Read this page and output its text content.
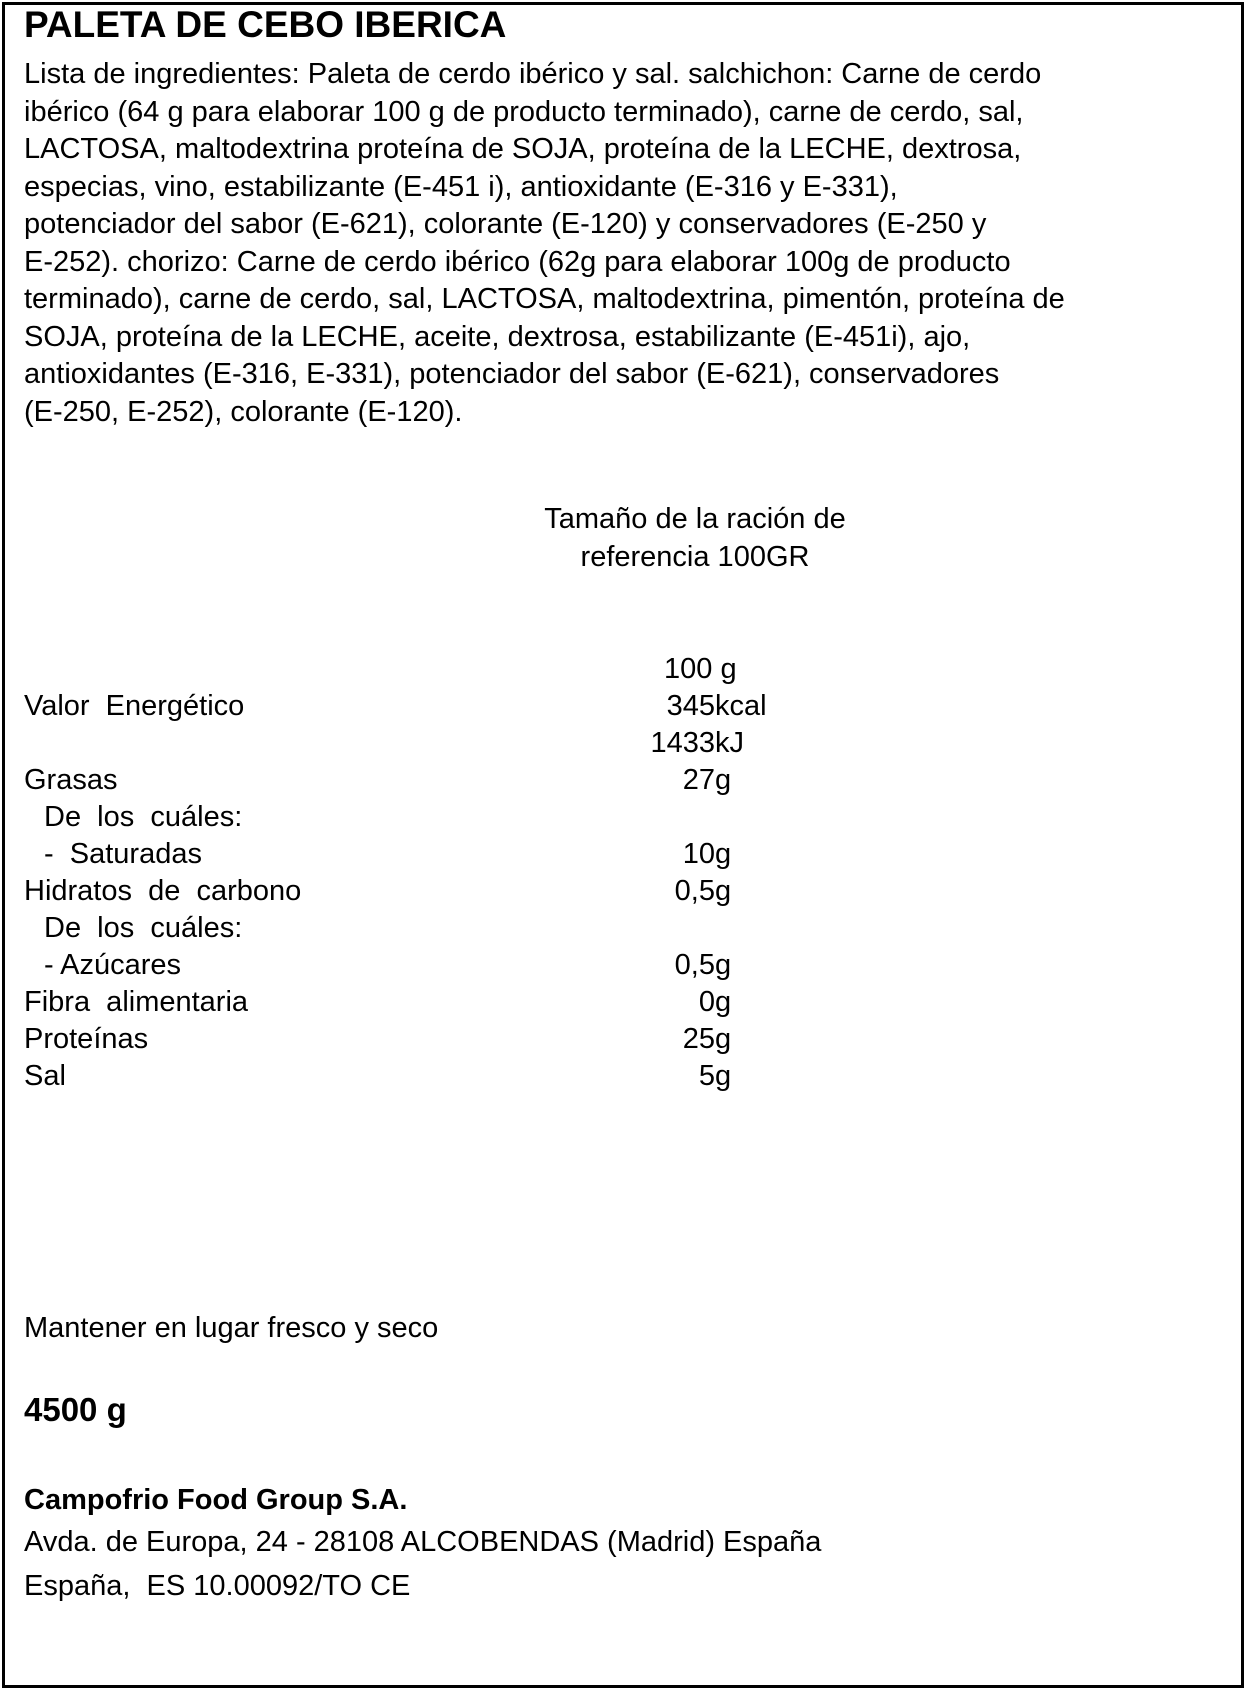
PALETA DE CEBO IBERICA
Lista de ingredientes: Paleta de cerdo ibérico y sal. salchichon: Carne de cerdo
ibérico (64 g para elaborar 100 g de producto terminado), carne de cerdo, sal,
LACTOSA, maltodextrina proteína de SOJA, proteína de la LECHE, dextrosa,
especias, vino, estabilizante (E-451 i), antioxidante (E-316 y E-331),
potenciador del sabor (E-621), colorante (E-120) y conservadores (E-250 y
E-252). chorizo: Carne de cerdo ibérico (62g para elaborar 100g de producto
terminado), carne de cerdo, sal, LACTOSA, maltodextrina, pimentón, proteína de
SOJA, proteína de la LECHE, aceite, dextrosa, estabilizante (E-451i), ajo,
antioxidantes (E-316, E-331), potenciador del sabor (E-621), conservadores
(E-250, E-252), colorante (E-120).
Tamaño de la ración de
referencia 100GR
100 g
Valor  Energético	345 kcal
1433 kJ
Grasas	27 g
De  los  cuáles:
-  Saturadas	10 g
Hidratos  de  carbono	0,5 g
De  los  cuáles:
- Azúcares	0,5 g
Fibra  alimentaria	0 g
Proteínas	25 g
Sal	5 g
Mantener en lugar fresco y seco
4500 g
Campofrio Food Group S.A.
Avda. de Europa, 24 - 28108 ALCOBENDAS (Madrid) España
España,  ES 10.00092/TO CE
